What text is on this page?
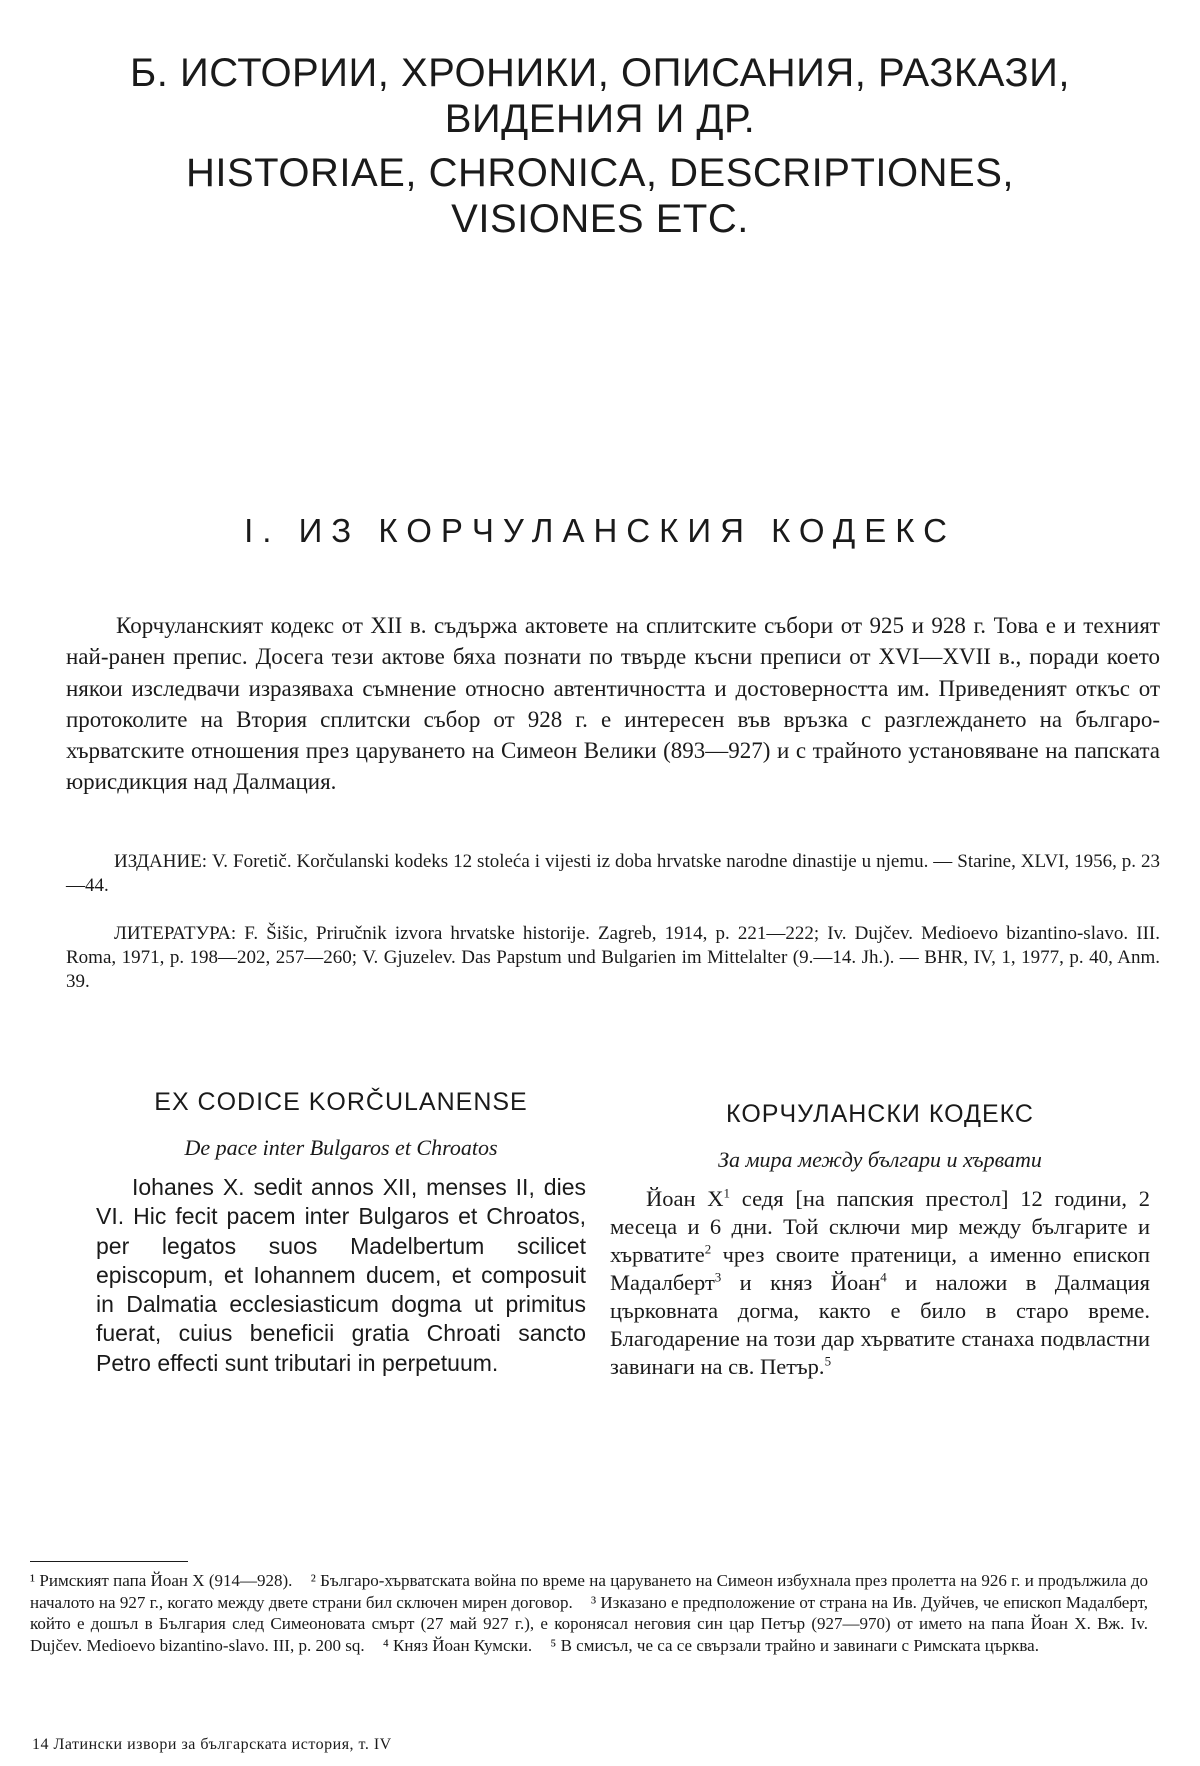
Б. ИСТОРИИ, ХРОНИКИ, ОПИСАНИЯ, РАЗКАЗИ,
ВИДЕНИЯ И ДР.
HISTORIAE, CHRONICA, DESCRIPTIONES,
VISIONES ETC.
I. ИЗ КОРЧУЛАНСКИЯ КОДЕКС

Корчуланският кодекс от XII в. съдържа актовете на сплитските събори от 925 и 928 г. Това е и техният най-ранен препис. Досега тези актове бяха познати по твърде късни преписи от XVI—XVII в., поради което някои изследвачи изразяваха съмнение относно автентичността и достоверността им. Приведеният откъс от протоколите на Втория сплитски събор от 928 г. е интересен във връзка с разглеждането на българо-хърватските отношения през царуването на Симеон Велики (893—927) и с трайното установяване на папската юрисдикция над Далмация.

ИЗДАНИЕ: V. Foretič. Korčulanski kodeks 12 stoleća i vijesti iz doba hrvatske narodne dinastije u njemu. — Starine, XLVI, 1956, p. 23—44.

ЛИТЕРАТУРА: F. Šišic, Priručnik izvora hrvatske historije. Zagreb, 1914, p. 221—222; Iv. Dujčev. Medioevo bizantino-slavo. III. Roma, 1971, p. 198—202, 257—260; V. Gjuzelev. Das Papstum und Bulgarien im Mittelalter (9.—14. Jh.). — BHR, IV, 1, 1977, p. 40, Anm. 39.

EX CODICE KORČULANENSE
De pace inter Bulgaros et Chroatos

Iohanes X. sedit annos XII, menses II, dies VI. Hic fecit pacem inter Bulgaros et Chroatos, per legatos suos Madelbertum scilicet episcopum, et Iohannem ducem, et composuit in Dalmatia ecclesiasticum dogma ut primitus fuerat, cuius beneficii gratia Chroati sancto Petro effecti sunt tributari in perpetuum.

КОРЧУЛАНСКИ КОДЕКС
За мира между българи и хървати

Йоан $X^1$ седя [на папския престол] 12 години, 2 месеца и 6 дни. Той сключи мир между българите и хърватите$^2$ чрез своите пратеници, а именно епископ Мадалберт$^3$ и княз Йоан$^4$ и наложи в Далмация църковната догма, както е било в старо време. Благодарение на този дар хърватите станаха подвластни завинаги на св. Петър.$^5$

¹ Римският папа Йоан X (914—928). ² Българо-хърватската война по време на царуването на Симеон избухнала през пролетта на 926 г. и продължила до началото на 927 г., когато между двете страни бил сключен мирен договор. ³ Изказано е предположение от страна на Ив. Дуйчев, че епископ Мадалберт, който е дошъл в България след Симеоновата смърт (27 май 927 г.), е коронясал неговия син цар Петър (927—970) от името на папа Йоан X. Вж. Iv. Dujčev. Medioevo bizantino-slavo. III, p. 200 sq. ⁴ Княз Йоан Кумски. ⁵ В смисъл, че са се свързали трайно и завинаги с Римската църква.
14 Латински извори за българската история, т. IV
